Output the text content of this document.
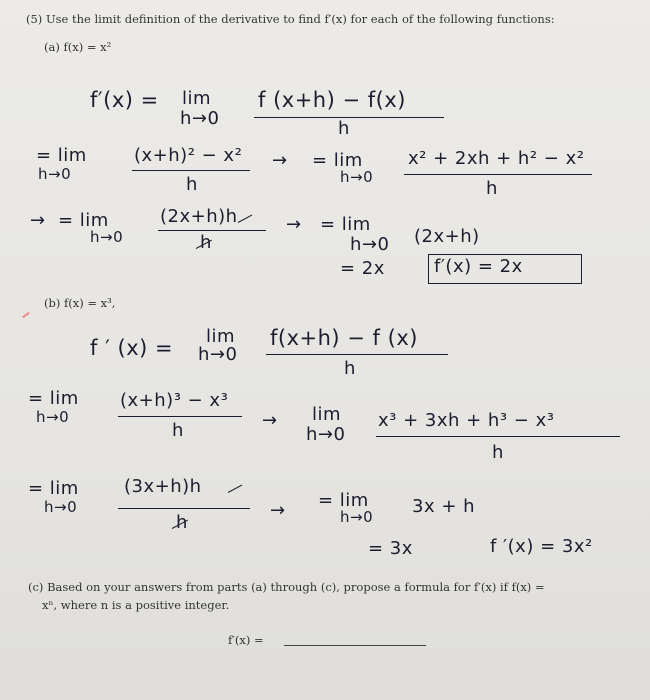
(5) Use the limit definition of the derivative to find f′(x) for each of the following functions:
(a) f(x) = x²
f′(x) = lim
h→0
f (x+h) − f(x)
h
= lim
h→0
(x+h)² − x²
h
→ = lim
h→0
x² + 2xh + h² − x²
h
→ = lim
h→0
(2x+h)h
h
→ = lim
h→0 (2x+h)
= 2x	f′(x) = 2x
(b) f(x) = x³,
f ′ (x) = lim
h→0
f(x+h) − f (x)
h
= lim
h→0
(x+h)³ − x³
h	→ lim
h→0
x³ + 3xh + h³ − x³
h
= lim
h→0
(3x+h)h
h
→ = lim
h→0 3x + h
= 3x	f ′(x) = 3x²
(c) Based on your answers from parts (a) through (c), propose a formula for f′(x) if f(x) =
xⁿ, where n is a positive integer.
f′(x) =
